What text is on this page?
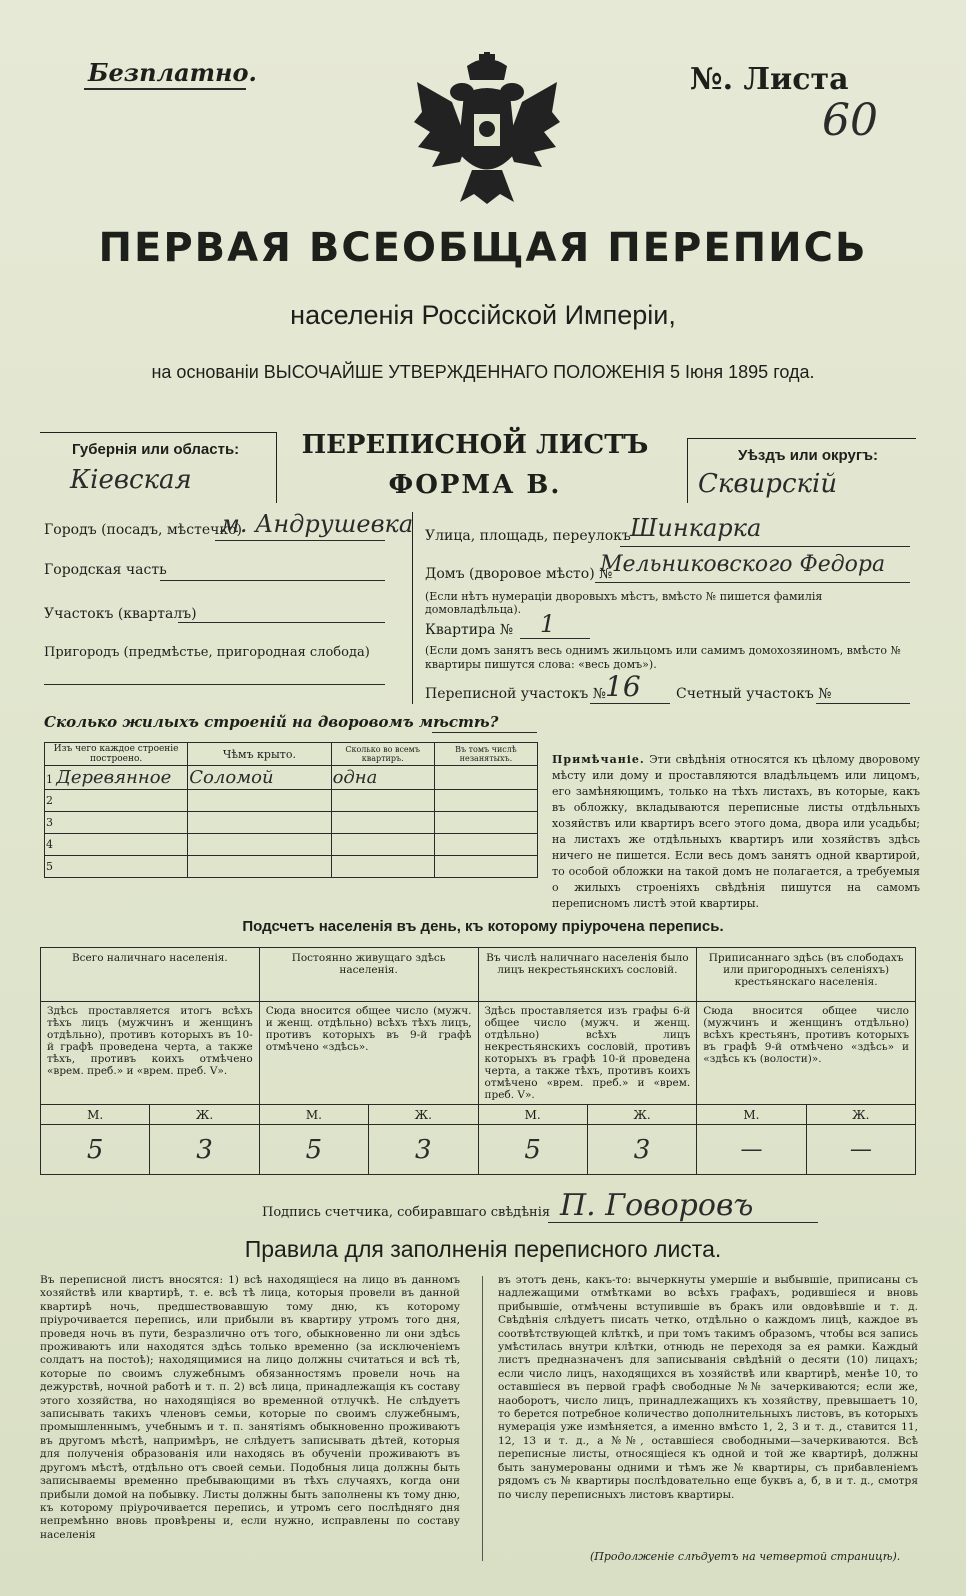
Безплатно.	№. Листа
60
ПЕРВАЯ ВСЕОБЩАЯ ПЕРЕПИСЬ
населенія Россійской Имперіи,
на основаніи ВЫСОЧАЙШЕ УТВЕРЖДЕННАГО ПОЛОЖЕНІЯ 5 Іюня 1895 года.
Губернія или область:
Кіевская
ПЕРЕПИСНОЙ ЛИСТЪ
ФОРМА В.
Уѣздъ или округъ:
Сквирскій
Городъ (посадъ, мѣстечко)
м. Андрушевка
Городская часть
Участокъ (кварталъ)
Пригородъ (предмѣстье, пригородная слобода)
Улица, площадь, переулокъ Шинкарка
Домъ (дворовое мѣсто) №
Мельниковского Федора
(Если нѣтъ нумераціи дворовыхъ мѣстъ, вмѣсто № пишется фамилія домовладѣльца).
Квартира № 1
(Если домъ занятъ весь однимъ жильцомъ или самимъ домохозяиномъ, вмѣсто № квартиры пишутся слова: «весь домъ»).
Переписной участокъ № 16	Счетный участокъ №
Сколько жилыхъ строеній на дворовомъ мѣстѣ?
Изъ чего каждое строеніе построено.	Чѣмъ крыто.	Сколько во всемъ квартиръ.	Въ томъ числѣ незанятыхъ.
1 Деревянное	Соломой	одна	
2			
3			
4			
5			
Примѣчаніе. Эти свѣдѣнія относятся къ цѣлому дворовому мѣсту или дому и проставляются владѣльцемъ или лицомъ, его замѣняющимъ, только на тѣхъ листахъ, въ которые, какъ въ обложку, вкладываются переписные листы отдѣльныхъ хозяйствъ или квартиръ всего этого дома, двора или усадьбы; на листахъ же отдѣльныхъ квартиръ или хозяйствъ здѣсь ничего не пишется. Если весь домъ занятъ одной квартирой, то особой обложки на такой домъ не полагается, а требуемыя о жилыхъ строеніяхъ свѣдѣнія пишутся на самомъ переписномъ листѣ этой квартиры.
Подсчетъ населенія въ день, къ которому пріурочена перепись.
Всего наличнаго населенія.		Постоянно живущаго здѣсь населенія.		Въ числѣ наличнаго населенія было лицъ некрестьянскихъ сословій.		Приписаннаго здѣсь (въ слободахъ или пригородныхъ селеніяхъ) крестьянскаго населенія.	
Здѣсь проставляется итогъ всѣхъ тѣхъ лицъ (мужчинъ и женщинъ отдѣльно), противъ которыхъ въ 10-й графѣ проведена черта, а также тѣхъ, противъ коихъ отмѣчено «врем. преб.» и «врем. преб. V».		Сюда вносится общее число (мужч. и женщ. отдѣльно) всѣхъ тѣхъ лицъ, противъ которыхъ въ 9-й графѣ отмѣчено «здѣсь».		Здѣсь проставляется изъ графы 6-й общее число (мужч. и женщ. отдѣльно) всѣхъ лицъ некрестьянскихъ сословій, противъ которыхъ въ графѣ 10-й проведена черта, а также тѣхъ, противъ коихъ отмѣчено «врем. преб.» и «врем. преб. V».		Сюда вносится общее число (мужчинъ и женщинъ отдѣльно) всѣхъ крестьянъ, противъ которыхъ въ графѣ 9-й отмѣчено «здѣсь» и «здѣсь къ (волости)».	
М.	Ж.	М.	Ж.	М.	Ж.	М.	Ж.
5	3	5	3	5	3	—	—
Подпись счетчика, собиравшаго свѣдѣнія П. Говоровъ
Правила для заполненія переписного листа.

Въ переписной листъ вносятся: 1) всѣ находящіеся на лицо въ данномъ хозяйствѣ или квартирѣ, т. е. всѣ тѣ лица, которыя провели въ данной квартирѣ ночь, предшествовавшую тому дню, къ которому пріурочивается перепись, или прибыли въ квартиру утромъ того дня, проведя ночь въ пути, безразлично отъ того, обыкновенно ли они здѣсь проживаютъ или находятся здѣсь только временно (за исключеніемъ солдатъ на постоѣ); находящимися на лицо должны считаться и всѣ тѣ, которые по своимъ служебнымъ обязанностямъ провели ночь на дежурствѣ, ночной работѣ и т. п. 2) всѣ лица, принадлежащія къ составу этого хозяйства, но находящіяся во временной отлучкѣ. Не слѣдуетъ записывать такихъ членовъ семьи, которые по своимъ служебнымъ, промышленнымъ, учебнымъ и т. п. занятіямъ обыкновенно проживаютъ въ другомъ мѣстѣ, напримѣръ, не слѣдуетъ записывать дѣтей, которыя для полученія образованія или находясь въ обученіи проживаютъ въ другомъ мѣстѣ, отдѣльно отъ своей семьи. Подобныя лица должны быть записываемы временно пребывающими въ тѣхъ случаяхъ, когда они прибыли домой на побывку. Листы должны быть заполнены къ тому дню, къ которому пріурочивается перепись, и утромъ сего послѣдняго дня непремѣнно вновь провѣрены и, если нужно, исправлены по составу населенія

въ этотъ день, какъ-то: вычеркнуты умершіе и выбывшіе, приписаны съ надлежащими отмѣтками во всѣхъ графахъ, родившіеся и вновь прибывшіе, отмѣчены вступившіе въ бракъ или овдовѣвшіе и т. д. Свѣдѣнія слѣдуетъ писать четко, отдѣльно о каждомъ лицѣ, каждое въ соотвѣтствующей клѣткѣ, и при томъ такимъ образомъ, чтобы вся запись умѣстилась внутри клѣтки, отнюдь не переходя за ея рамки. Каждый листъ предназначенъ для записыванія свѣдѣній о десяти (10) лицахъ; если число лицъ, находящихся въ хозяйствѣ или квартирѣ, менѣе 10, то оставшіеся въ первой графѣ свободные №№ зачеркиваются; если же, наоборотъ, число лицъ, принадлежащихъ къ хозяйству, превышаетъ 10, то берется потребное количество дополнительныхъ листовъ, въ которыхъ нумерація уже измѣняется, а именно вмѣсто 1, 2, 3 и т. д., ставится 11, 12, 13 и т. д., а №№, оставшіеся свободными—зачеркиваются. Всѣ переписные листы, относящіеся къ одной и той же квартирѣ, должны быть занумерованы одними и тѣмъ же № квартиры, съ прибавленіемъ рядомъ съ № квартиры послѣдовательно еще буквъ а, б, в и т. д., смотря по числу переписныхъ листовъ квартиры.

(Продолженіе слѣдуетъ на четвертой страницѣ).
